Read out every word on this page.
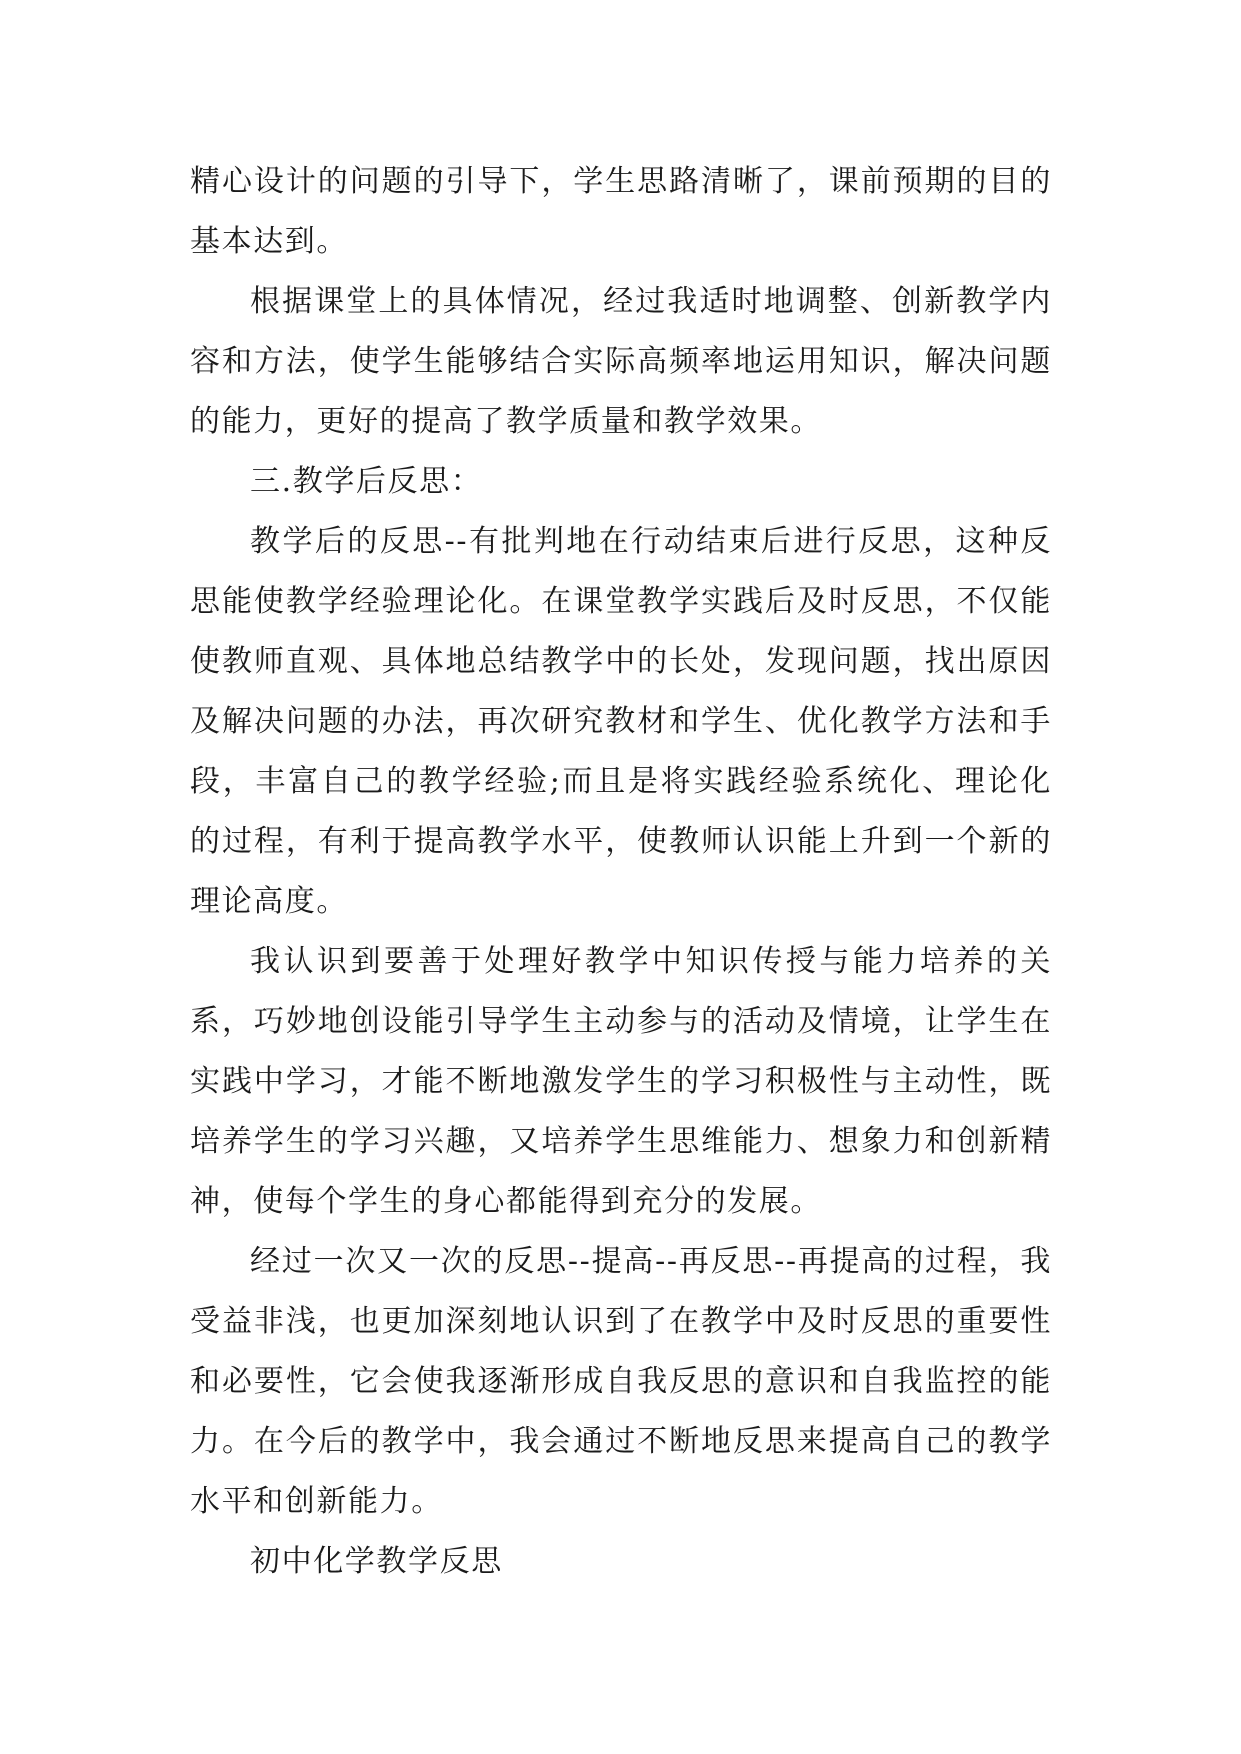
精心设计的问题的引导下，学生思路清晰了，课前预期的目的基本达到。

根据课堂上的具体情况，经过我适时地调整、创新教学内容和方法，使学生能够结合实际高频率地运用知识，解决问题的能力，更好的提高了教学质量和教学效果。

三.教学后反思：

教学后的反思--有批判地在行动结束后进行反思，这种反思能使教学经验理论化。在课堂教学实践后及时反思，不仅能使教师直观、具体地总结教学中的长处，发现问题，找出原因及解决问题的办法，再次研究教材和学生、优化教学方法和手段，丰富自己的教学经验;而且是将实践经验系统化、理论化的过程，有利于提高教学水平，使教师认识能上升到一个新的理论高度。

我认识到要善于处理好教学中知识传授与能力培养的关系，巧妙地创设能引导学生主动参与的活动及情境，让学生在实践中学习，才能不断地激发学生的学习积极性与主动性，既培养学生的学习兴趣，又培养学生思维能力、想象力和创新精神，使每个学生的身心都能得到充分的发展。

经过一次又一次的反思--提高--再反思--再提高的过程，我受益非浅，也更加深刻地认识到了在教学中及时反思的重要性和必要性，它会使我逐渐形成自我反思的意识和自我监控的能力。在今后的教学中，我会通过不断地反思来提高自己的教学水平和创新能力。

初中化学教学反思
